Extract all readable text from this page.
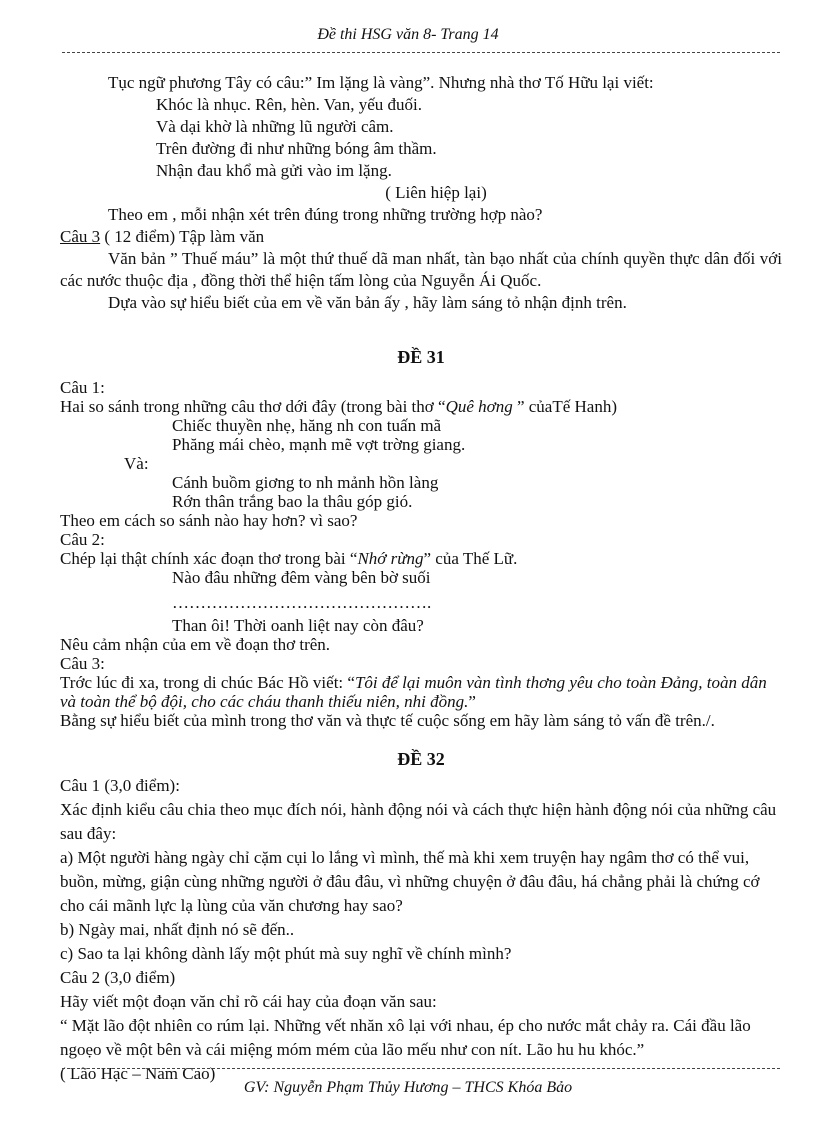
Đề thi HSG văn 8- Trang 14

Tục ngữ phương Tây có câu:” Im lặng là vàng”. Nhưng nhà thơ Tố Hữu lại viết:

Khóc là nhục. Rên, hèn. Van, yếu đuối.

Và dại khờ là những lũ người câm.

Trên đường đi như những bóng âm thầm.

Nhận đau khổ mà gửi vào im lặng.

( Liên hiệp lại)

Theo em , mỗi nhận xét trên đúng trong những trường hợp nào?

Câu 3 ( 12 điểm) Tập làm văn

Văn bản ” Thuế máu” là một thứ thuế dã man nhất, tàn bạo nhất của chính quyền thực dân đối với các nước thuộc địa , đồng thời thể hiện tấm lòng của Nguyễn Ái Quốc.

Dựa vào sự hiểu biết của em về văn bản ấy , hãy làm sáng tỏ nhận định trên.

ĐỀ 31

Câu 1:

Hai so sánh trong những câu thơ dới đây (trong bài thơ “Quê hơng ” củaTế Hanh)

Chiếc thuyền nhẹ, hăng nh con tuấn mã

Phăng mái chèo, mạnh mẽ vợt trờng giang.

Và:

Cánh buồm giơng to nh mảnh hồn làng

Rớn thân trắng bao la thâu góp gió.

Theo em cách so sánh nào hay hơn? vì sao?

Câu 2:

Chép lại thật chính xác đoạn thơ trong bài “Nhớ rừng” của Thế Lữ.

Nào đâu những đêm vàng bên bờ suối

……………………………………….

Than ôi! Thời oanh liệt nay còn đâu?

Nêu cảm nhận của em về đoạn thơ trên.

Câu 3:

Trớc lúc đi xa, trong di chúc Bác Hồ viết: “Tôi để lại muôn vàn tình thơng yêu cho toàn Đảng, toàn dân và toàn thể bộ đội, cho các cháu thanh thiếu niên, nhi đồng.”

Bằng sự hiểu biết của mình trong thơ văn và thực tế cuộc sống em hãy làm sáng tỏ vấn đề trên./.

ĐỀ 32

Câu 1 (3,0 điểm):

Xác định kiểu câu chia theo mục đích nói, hành động nói và cách thực hiện hành động nói của những câu sau đây:

a) Một người hàng ngày chỉ cặm cụi lo lắng vì mình, thế mà khi xem truyện hay ngâm thơ có thể vui, buồn, mừng, giận cùng những người ở đâu đâu, vì những chuyện ở đâu đâu, há chẳng phải là chứng cớ cho cái mãnh lực lạ lùng của văn chương hay sao?

b) Ngày mai, nhất định nó sẽ đến..

c) Sao ta lại không dành lấy một phút mà suy nghĩ về chính mình?

Câu 2 (3,0 điểm)

Hãy viết một đoạn văn chỉ rõ cái hay của đoạn văn sau:

“ Mặt lão đột nhiên co rúm lại. Những vết nhăn xô lại với nhau, ép cho nước mắt chảy ra. Cái đầu lão ngoẹo về một bên và cái miệng móm mém của lão mếu như con nít. Lão hu hu khóc.”

( Lão Hạc – Nam Cao)

GV: Nguyễn Phạm Thủy Hương – THCS Khóa Bảo
